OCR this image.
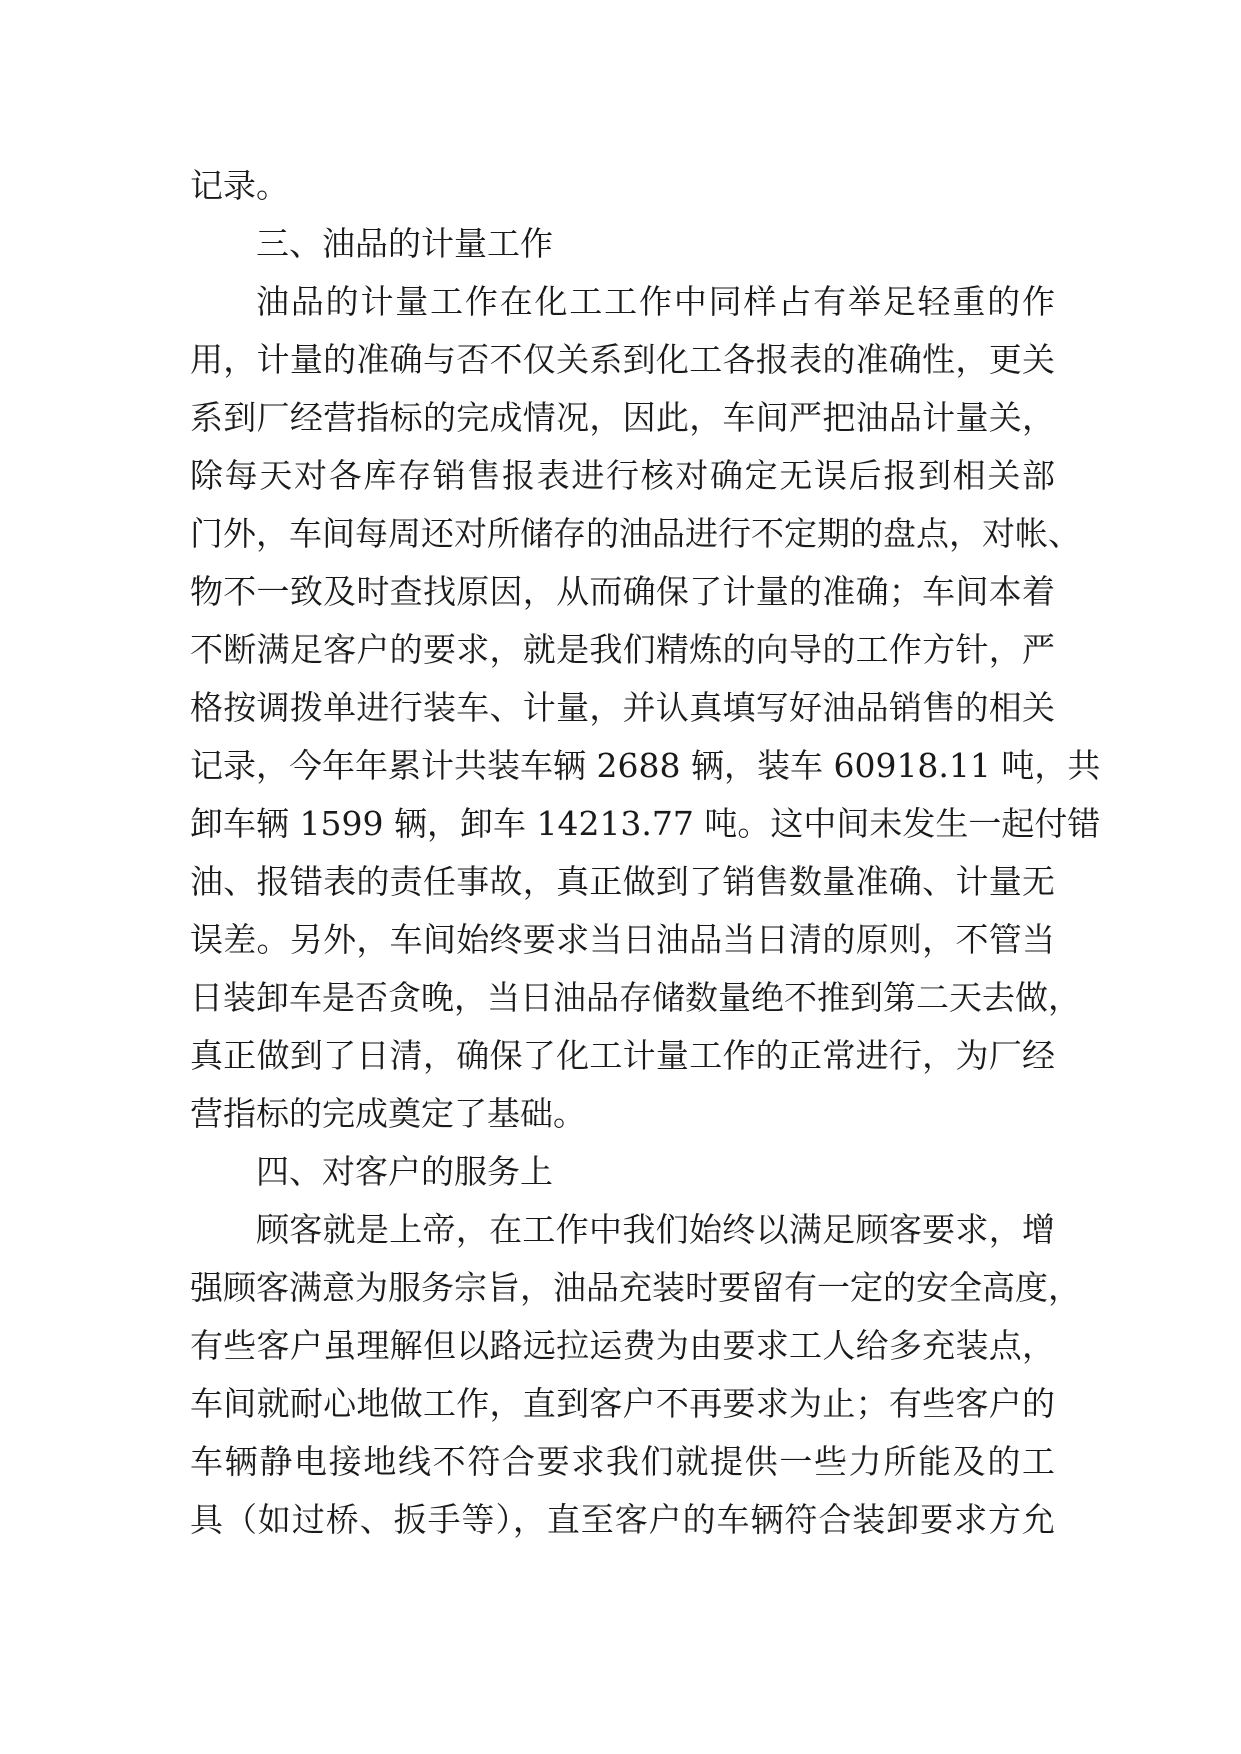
记录。
三、油品的计量工作
油品的计量工作在化工工作中同样占有举足轻重的作
用，计量的准确与否不仅关系到化工各报表的准确性，更关
系到厂经营指标的完成情况，因此，车间严把油品计量关，
除每天对各库存销售报表进行核对确定无误后报到相关部
门外，车间每周还对所储存的油品进行不定期的盘点，对帐、
物不一致及时查找原因，从而确保了计量的准确；车间本着
不断满足客户的要求，就是我们精炼的向导的工作方针，严
格按调拨单进行装车、计量，并认真填写好油品销售的相关
记录，今年年累计共装车辆 2688 辆，装车 60918.11 吨，共
卸车辆 1599 辆，卸车 14213.77 吨。这中间未发生一起付错
油、报错表的责任事故，真正做到了销售数量准确、计量无
误差。另外，车间始终要求当日油品当日清的原则，不管当
日装卸车是否贪晚，当日油品存储数量绝不推到第二天去做，
真正做到了日清，确保了化工计量工作的正常进行，为厂经
营指标的完成奠定了基础。
四、对客户的服务上
顾客就是上帝，在工作中我们始终以满足顾客要求，增
强顾客满意为服务宗旨，油品充装时要留有一定的安全高度，
有些客户虽理解但以路远拉运费为由要求工人给多充装点，
车间就耐心地做工作，直到客户不再要求为止；有些客户的
车辆静电接地线不符合要求我们就提供一些力所能及的工
具（如过桥、扳手等），直至客户的车辆符合装卸要求方允
